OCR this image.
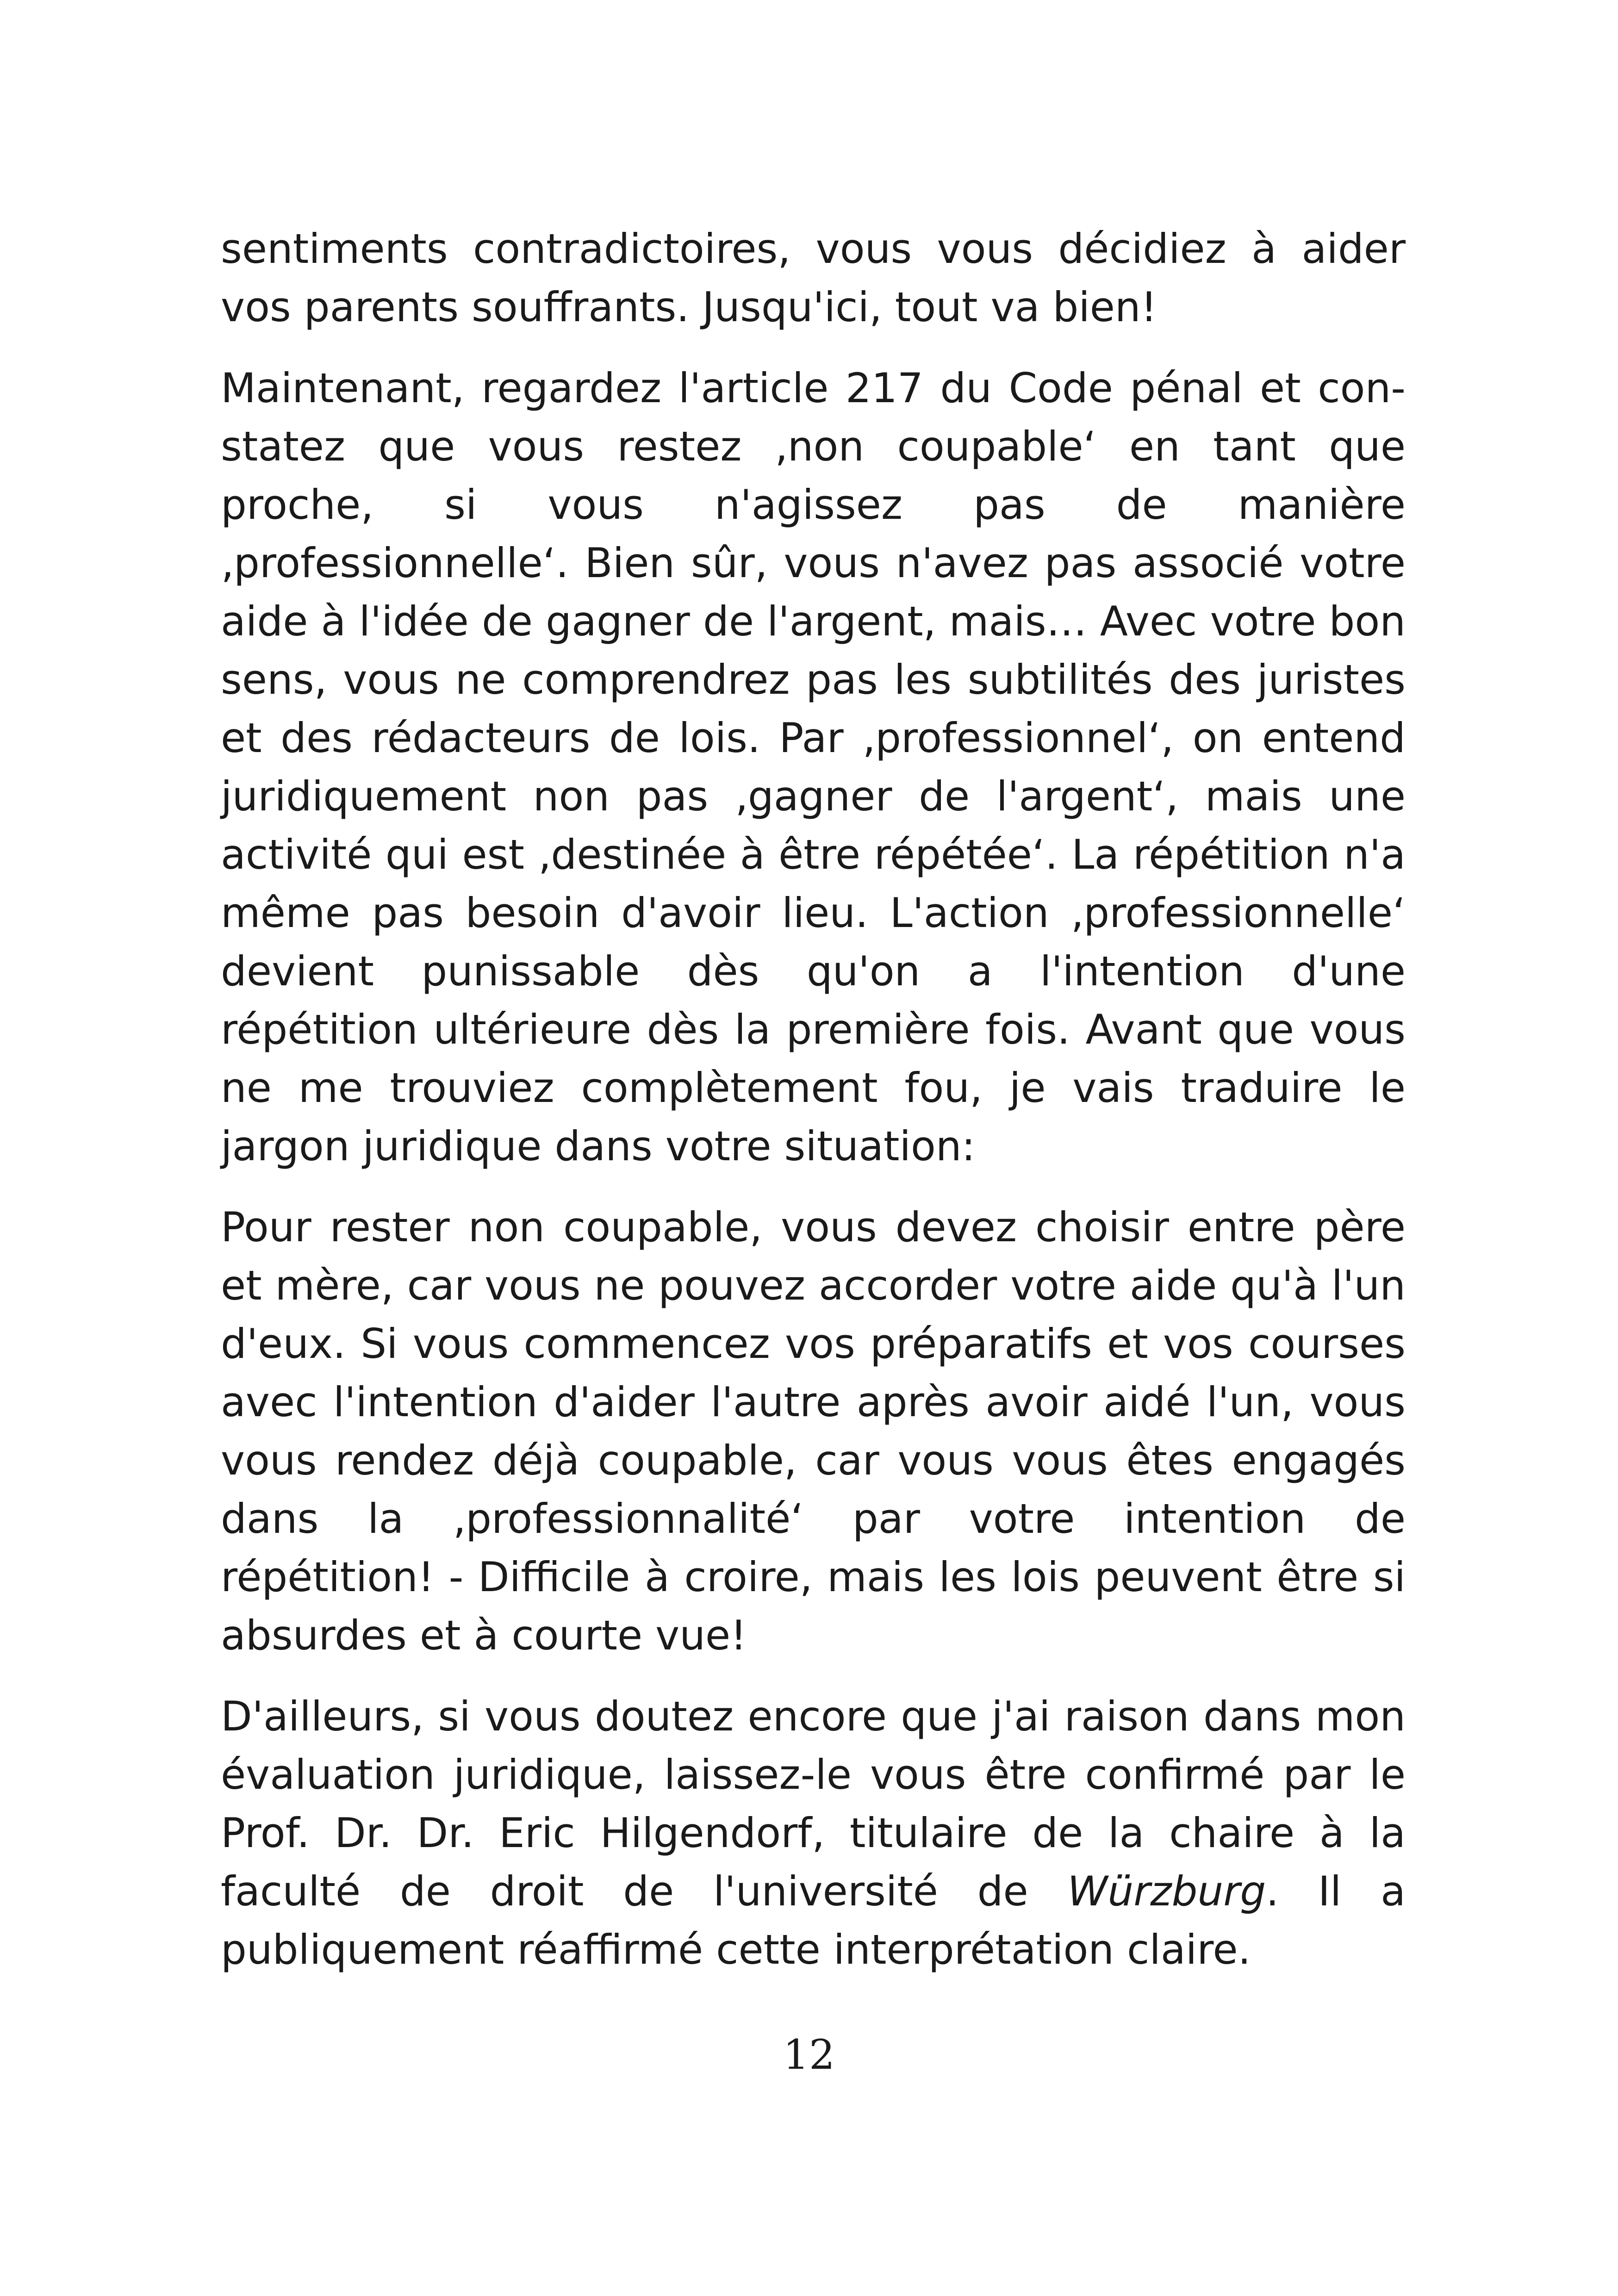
sentiments contradictoires, vous vous décidiez à aider vos parents souffrants. Jusqu'ici, tout va bien!

Maintenant, regardez l'article 217 du Code pénal et constatez que vous restez ‚non coupable‘ en tant que proche, si vous n'agissez pas de manière ‚professionnelle‘. Bien sûr, vous n'avez pas associé votre aide à l'idée de gagner de l'argent, mais… Avec votre bon sens, vous ne comprendrez pas les subtilités des juristes et des rédacteurs de lois. Par ‚professionnel‘, on entend juridiquement non pas ‚gagner de l'argent‘, mais une activité qui est ‚destinée à être répétée‘. La répétition n'a même pas besoin d'avoir lieu. L'action ‚professionnelle‘ devient punissable dès qu'on a l'intention d'une répétition ultérieure dès la première fois. Avant que vous ne me trouviez complètement fou, je vais traduire le jargon juridique dans votre situation:

Pour rester non coupable, vous devez choisir entre père et mère, car vous ne pouvez accorder votre aide qu'à l'un d'eux. Si vous commencez vos préparatifs et vos courses avec l'intention d'aider l'autre après avoir aidé l'un, vous vous rendez déjà coupable, car vous vous êtes engagés dans la ‚professionnalité‘ par votre intention de répétition! - Difficile à croire, mais les lois peuvent être si absurdes et à courte vue!

D'ailleurs, si vous doutez encore que j'ai raison dans mon évaluation juridique, laissez-le vous être confirmé par le Prof. Dr. Dr. Eric Hilgendorf, titulaire de la chaire à la faculté de droit de l'université de Würzburg. Il a publiquement réaffirmé cette interprétation claire.

12
